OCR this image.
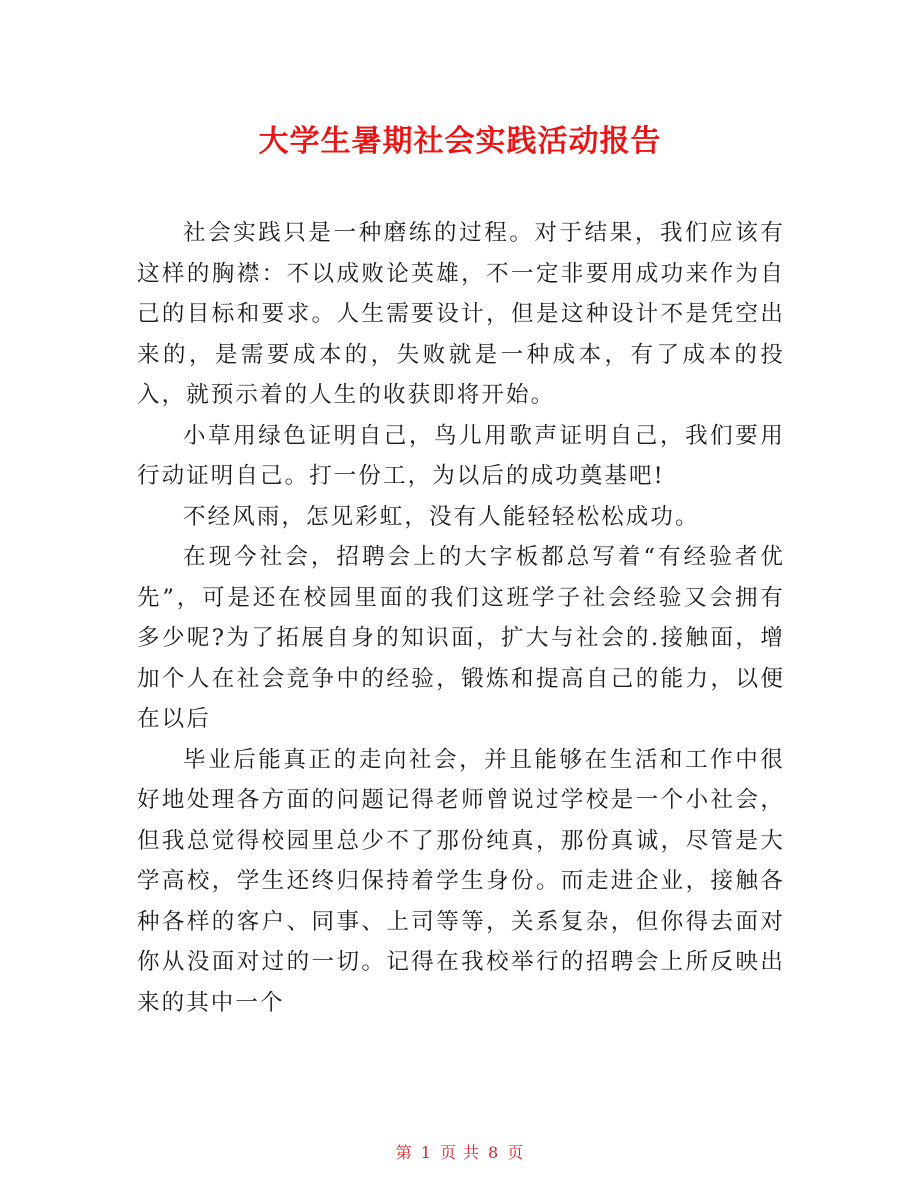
大学生暑期社会实践活动报告

社会实践只是一种磨练的过程。对于结果，我们应该有这样的胸襟：不以成败论英雄，不一定非要用成功来作为自己的目标和要求。人生需要设计，但是这种设计不是凭空出来的，是需要成本的，失败就是一种成本，有了成本的投入，就预示着的人生的收获即将开始。

小草用绿色证明自己，鸟儿用歌声证明自己，我们要用行动证明自己。打一份工，为以后的成功奠基吧!

不经风雨，怎见彩虹，没有人能轻轻松松成功。

在现今社会，招聘会上的大字板都总写着“有经验者优先”，可是还在校园里面的我们这班学子社会经验又会拥有多少呢?为了拓展自身的知识面，扩大与社会的.接触面，增加个人在社会竞争中的经验，锻炼和提高自己的能力，以便在以后

毕业后能真正的走向社会，并且能够在生活和工作中很好地处理各方面的问题记得老师曾说过学校是一个小社会，但我总觉得校园里总少不了那份纯真，那份真诚，尽管是大学高校，学生还终归保持着学生身份。而走进企业，接触各种各样的客户、同事、上司等等，关系复杂，但你得去面对你从没面对过的一切。记得在我校举行的招聘会上所反映出来的其中一个

第 1 页 共 8 页
